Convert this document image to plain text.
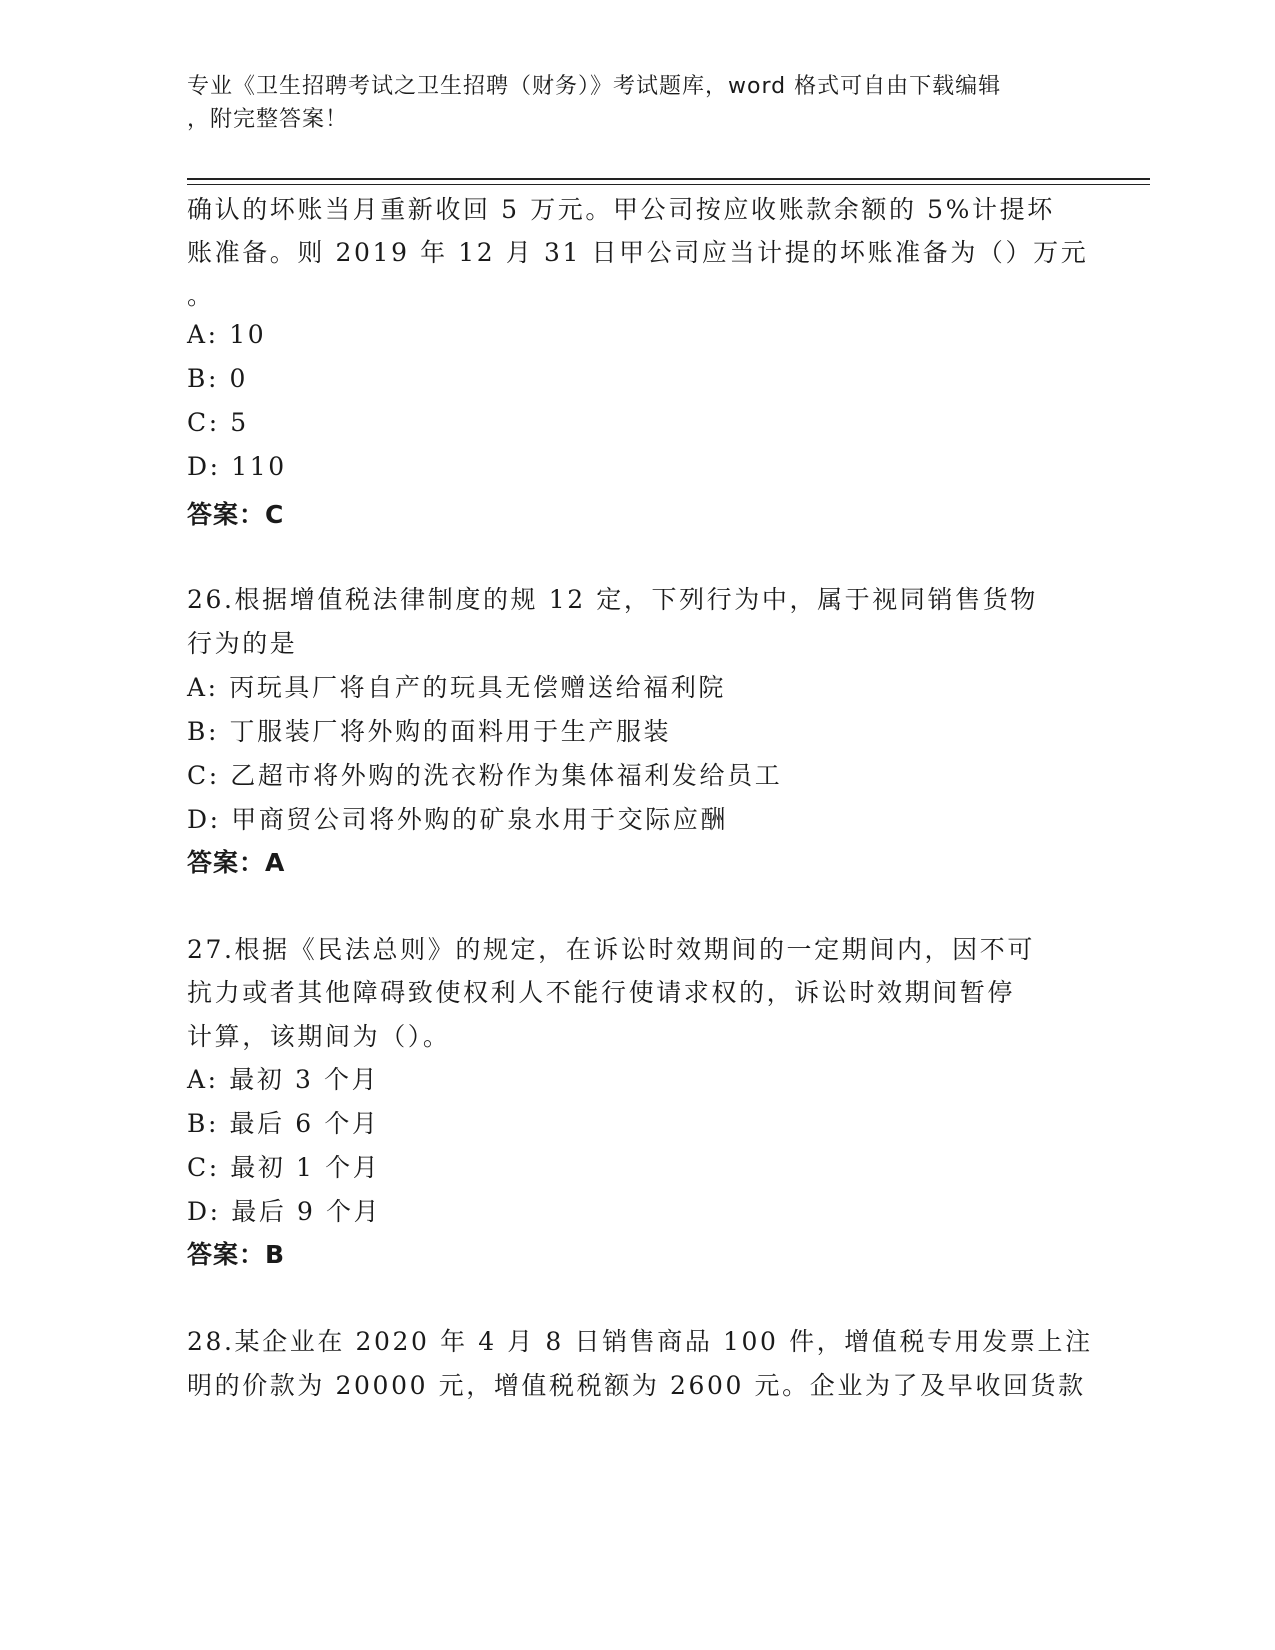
专业《卫生招聘考试之卫生招聘（财务）》考试题库，word 格式可自由下载编辑
，附完整答案！
确认的坏账当月重新收回 5 万元。甲公司按应收账款余额的 5%计提坏
账准备。则 2019 年 12 月 31 日甲公司应当计提的坏账准备为（）万元
。
A: 10
B: 0
C: 5
D: 110
答案：C
26.根据增值税法律制度的规 12 定，下列行为中，属于视同销售货物
行为的是
A: 丙玩具厂将自产的玩具无偿赠送给福利院
B: 丁服装厂将外购的面料用于生产服装
C: 乙超市将外购的洗衣粉作为集体福利发给员工
D: 甲商贸公司将外购的矿泉水用于交际应酬
答案：A
27.根据《民法总则》的规定，在诉讼时效期间的一定期间内，因不可
抗力或者其他障碍致使权利人不能行使请求权的，诉讼时效期间暂停
计算，该期间为（）。
A: 最初 3 个月
B: 最后 6 个月
C: 最初 1 个月
D: 最后 9 个月
答案：B
28.某企业在 2020 年 4 月 8 日销售商品 100 件，增值税专用发票上注
明的价款为 20000 元，增值税税额为 2600 元。企业为了及早收回货款
